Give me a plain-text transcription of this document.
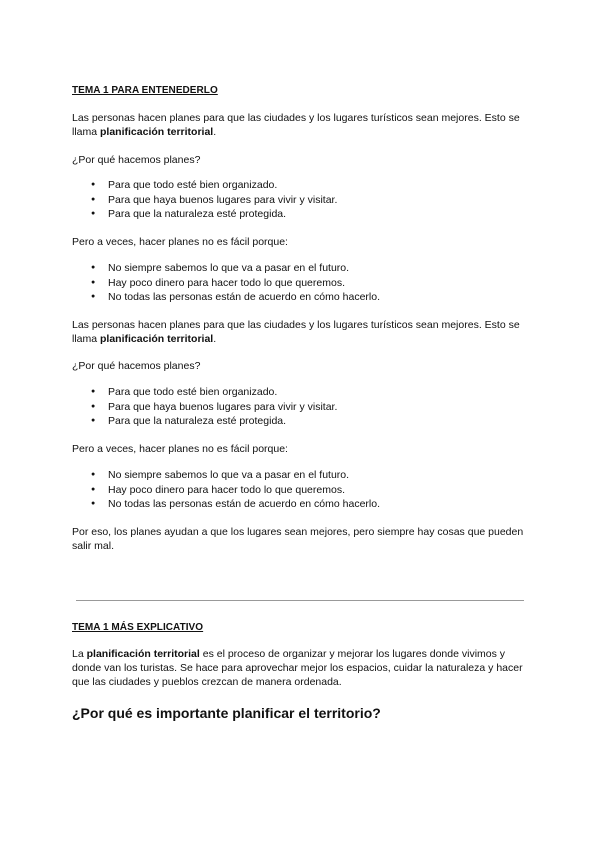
TEMA 1 PARA ENTENEDERLO
Las personas hacen planes para que las ciudades y los lugares turísticos sean mejores. Esto se llama planificación territorial.
¿Por qué hacemos planes?
● Para que todo esté bien organizado.
● Para que haya buenos lugares para vivir y visitar.
● Para que la naturaleza esté protegida.
Pero a veces, hacer planes no es fácil porque:
● No siempre sabemos lo que va a pasar en el futuro.
● Hay poco dinero para hacer todo lo que queremos.
● No todas las personas están de acuerdo en cómo hacerlo.
Las personas hacen planes para que las ciudades y los lugares turísticos sean mejores. Esto se llama planificación territorial.
¿Por qué hacemos planes?
● Para que todo esté bien organizado.
● Para que haya buenos lugares para vivir y visitar.
● Para que la naturaleza esté protegida.
Pero a veces, hacer planes no es fácil porque:
● No siempre sabemos lo que va a pasar en el futuro.
● Hay poco dinero para hacer todo lo que queremos.
● No todas las personas están de acuerdo en cómo hacerlo.
Por eso, los planes ayudan a que los lugares sean mejores, pero siempre hay cosas que pueden salir mal.
TEMA 1 MÁS EXPLICATIVO
La planificación territorial es el proceso de organizar y mejorar los lugares donde vivimos y donde van los turistas. Se hace para aprovechar mejor los espacios, cuidar la naturaleza y hacer que las ciudades y pueblos crezcan de manera ordenada.
¿Por qué es importante planificar el territorio?
